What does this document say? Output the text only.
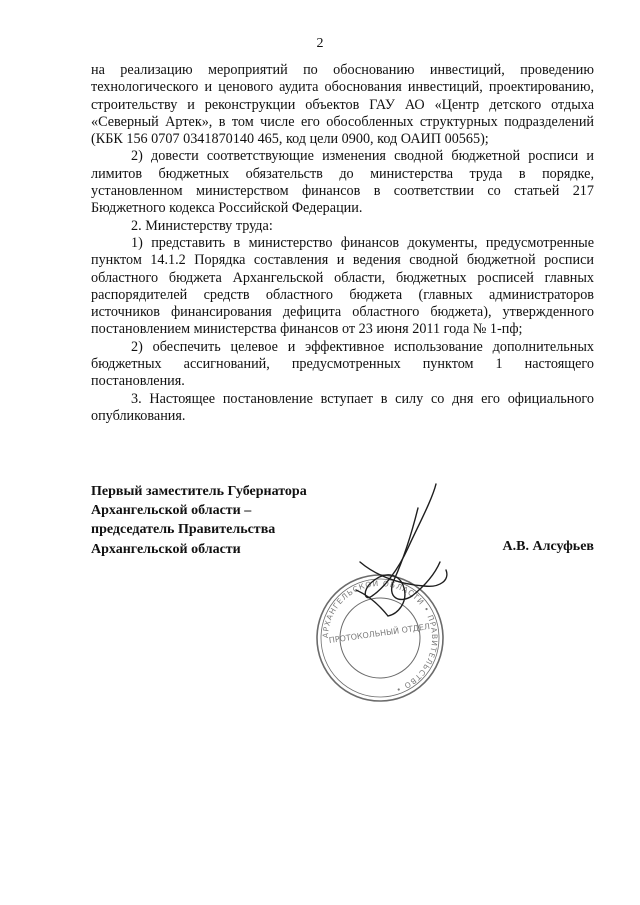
2

на реализацию мероприятий по обоснованию инвестиций, проведению технологического и ценового аудита обоснования инвестиций, проектированию, строительству и реконструкции объектов ГАУ АО «Центр детского отдыха «Северный Артек», в том числе его обособленных структурных подразделений (КБК 156 0707 0341870140 465, код цели 0900, код ОАИП 00565);

2) довести соответствующие изменения сводной бюджетной росписи и лимитов бюджетных обязательств до министерства труда в порядке, установленном министерством финансов в соответствии со статьей 217 Бюджетного кодекса Российской Федерации.

2. Министерству труда:

1) представить в министерство финансов документы, предусмотренные пунктом 14.1.2 Порядка составления и ведения сводной бюджетной росписи областного бюджета Архангельской области, бюджетных росписей главных распорядителей средств областного бюджета (главных администраторов источников финансирования дефицита областного бюджета), утвержденного постановлением министерства финансов от 23 июня 2011 года № 1-пф;

2) обеспечить целевое и эффективное использование дополнительных бюджетных ассигнований, предусмотренных пунктом 1 настоящего постановления.

3. Настоящее постановление вступает в силу со дня его официального опубликования.

Первый заместитель Губернатора
Архангельской области –
председатель Правительства
Архангельской области	А.В. Алсуфьев
АРХАНГЕЛЬСКОЙ ОБЛАСТИ • ПРАВИТЕЛЬСТВО •
ПРОТОКОЛЬНЫЙ ОТДЕЛ
